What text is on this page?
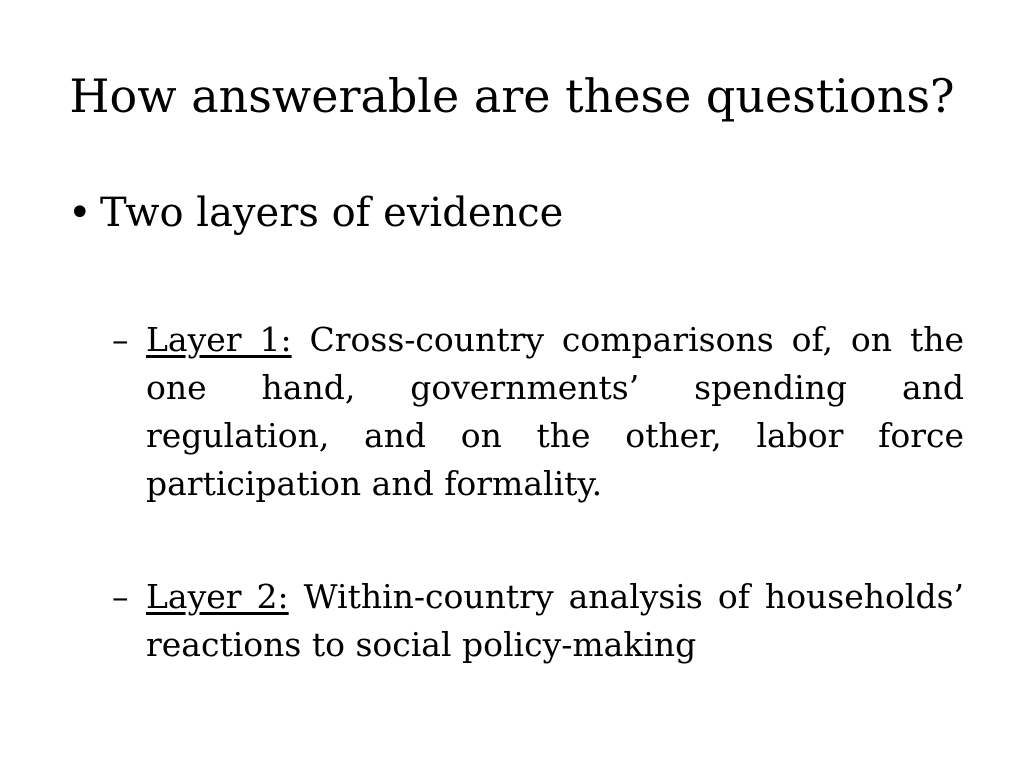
How answerable are these questions?
• Two layers of evidence
– Layer 1: Cross-country comparisons of, on the one hand, governments’ spending and regulation, and on the other, labor force participation and formality.
– Layer 2: Within-country analysis of households’ reactions to social policy-making
